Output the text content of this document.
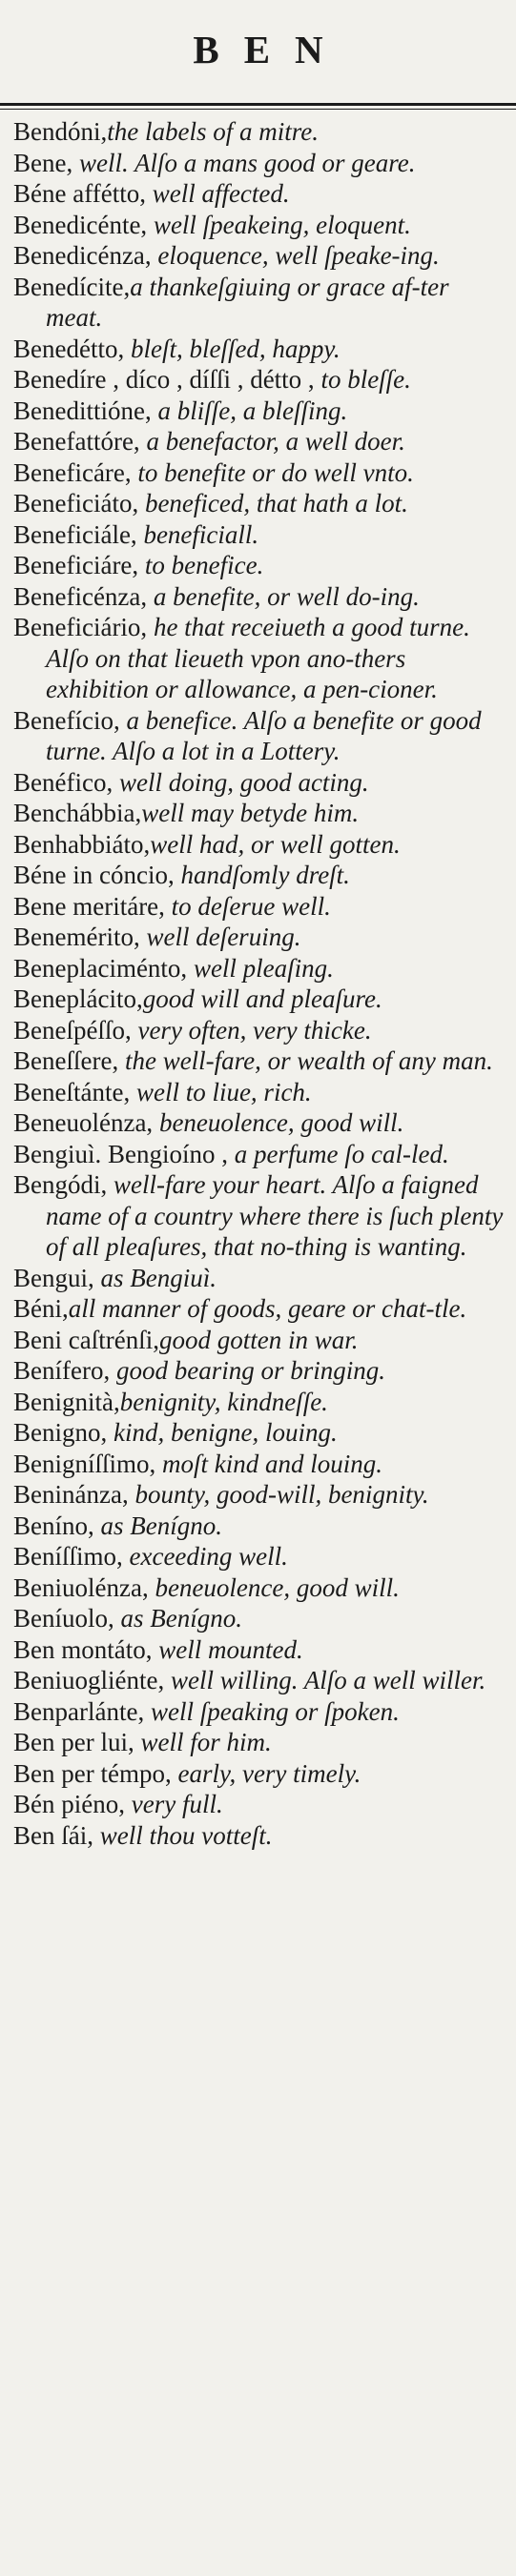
BEN
Bendóni,the labels of a mitre.
Bene, well. Alſo a mans good or geare.
Béne affétto, well affected.
Benedicénte, well ſpeakeing, eloquent.
Benedicénza, eloquence, well ſpeake-ing.
Benedícite,a thankeſgiuing or grace af-ter meat.
Benedétto, bleſt, bleſſed, happy.
Benedíre , díco , díſſi , détto , to bleſſe.
Benedittióne, a bliſſe, a bleſſing.
Benefattóre, a benefactor, a well doer.
Beneficáre, to benefite or do well vnto.
Beneficiáto, beneficed, that hath a lot.
Beneficiále, beneficiall.
Beneficiáre, to benefice.
Beneficénza, a benefite, or well do-ing.
Beneficiário, he that receiueth a good turne. Alſo on that lieueth vpon ano-thers exhibition or allowance, a pen-cioner.
Benefício, a benefice. Alſo a benefite or good turne. Alſo a lot in a Lottery.
Benéfico, well doing, good acting.
Benchábbia,well may betyde him.
Benhabbiáto,well had, or well gotten.
Béne in cóncio, handſomly dreſt.
Bene meritáre, to deſerue well.
Benemérito, well deſeruing.
Beneplaciménto, well pleaſing.
Beneplácito,good will and pleaſure.
Beneſpéſſo, very often, very thicke.
Beneſſere, the well-fare, or wealth of any man.
Beneſtánte, well to liue, rich.
Beneuolénza, beneuolence, good will.
Bengiuì. Bengioíno , a perfume ſo cal-led.
Bengódi, well-fare your heart. Alſo a faigned name of a country where there is ſuch plenty of all pleaſures, that no-thing is wanting.
Bengui, as Bengiuì.
Béni,all manner of goods, geare or chat-tle.
Beni caſtrénſi,good gotten in war.
Benífero, good bearing or bringing.
Benignità,benignity, kindneſſe.
Benigno, kind, benigne, louing.
Benigníſſimo, moſt kind and louing.
Beninánza, bounty, good-will, benignity.
Beníno, as Benígno.
Beníſſimo, exceeding well.
Beniuolénza, beneuolence, good will.
Beníuolo, as Benígno.
Ben montáto, well mounted.
Beniuogliénte, well willing. Alſo a well willer.
Benparlánte, well ſpeaking or ſpoken.
Ben per lui, well for him.
Ben per témpo, early, very timely.
Bén piéno, very full.
Ben ſái, well thou votteſt.
